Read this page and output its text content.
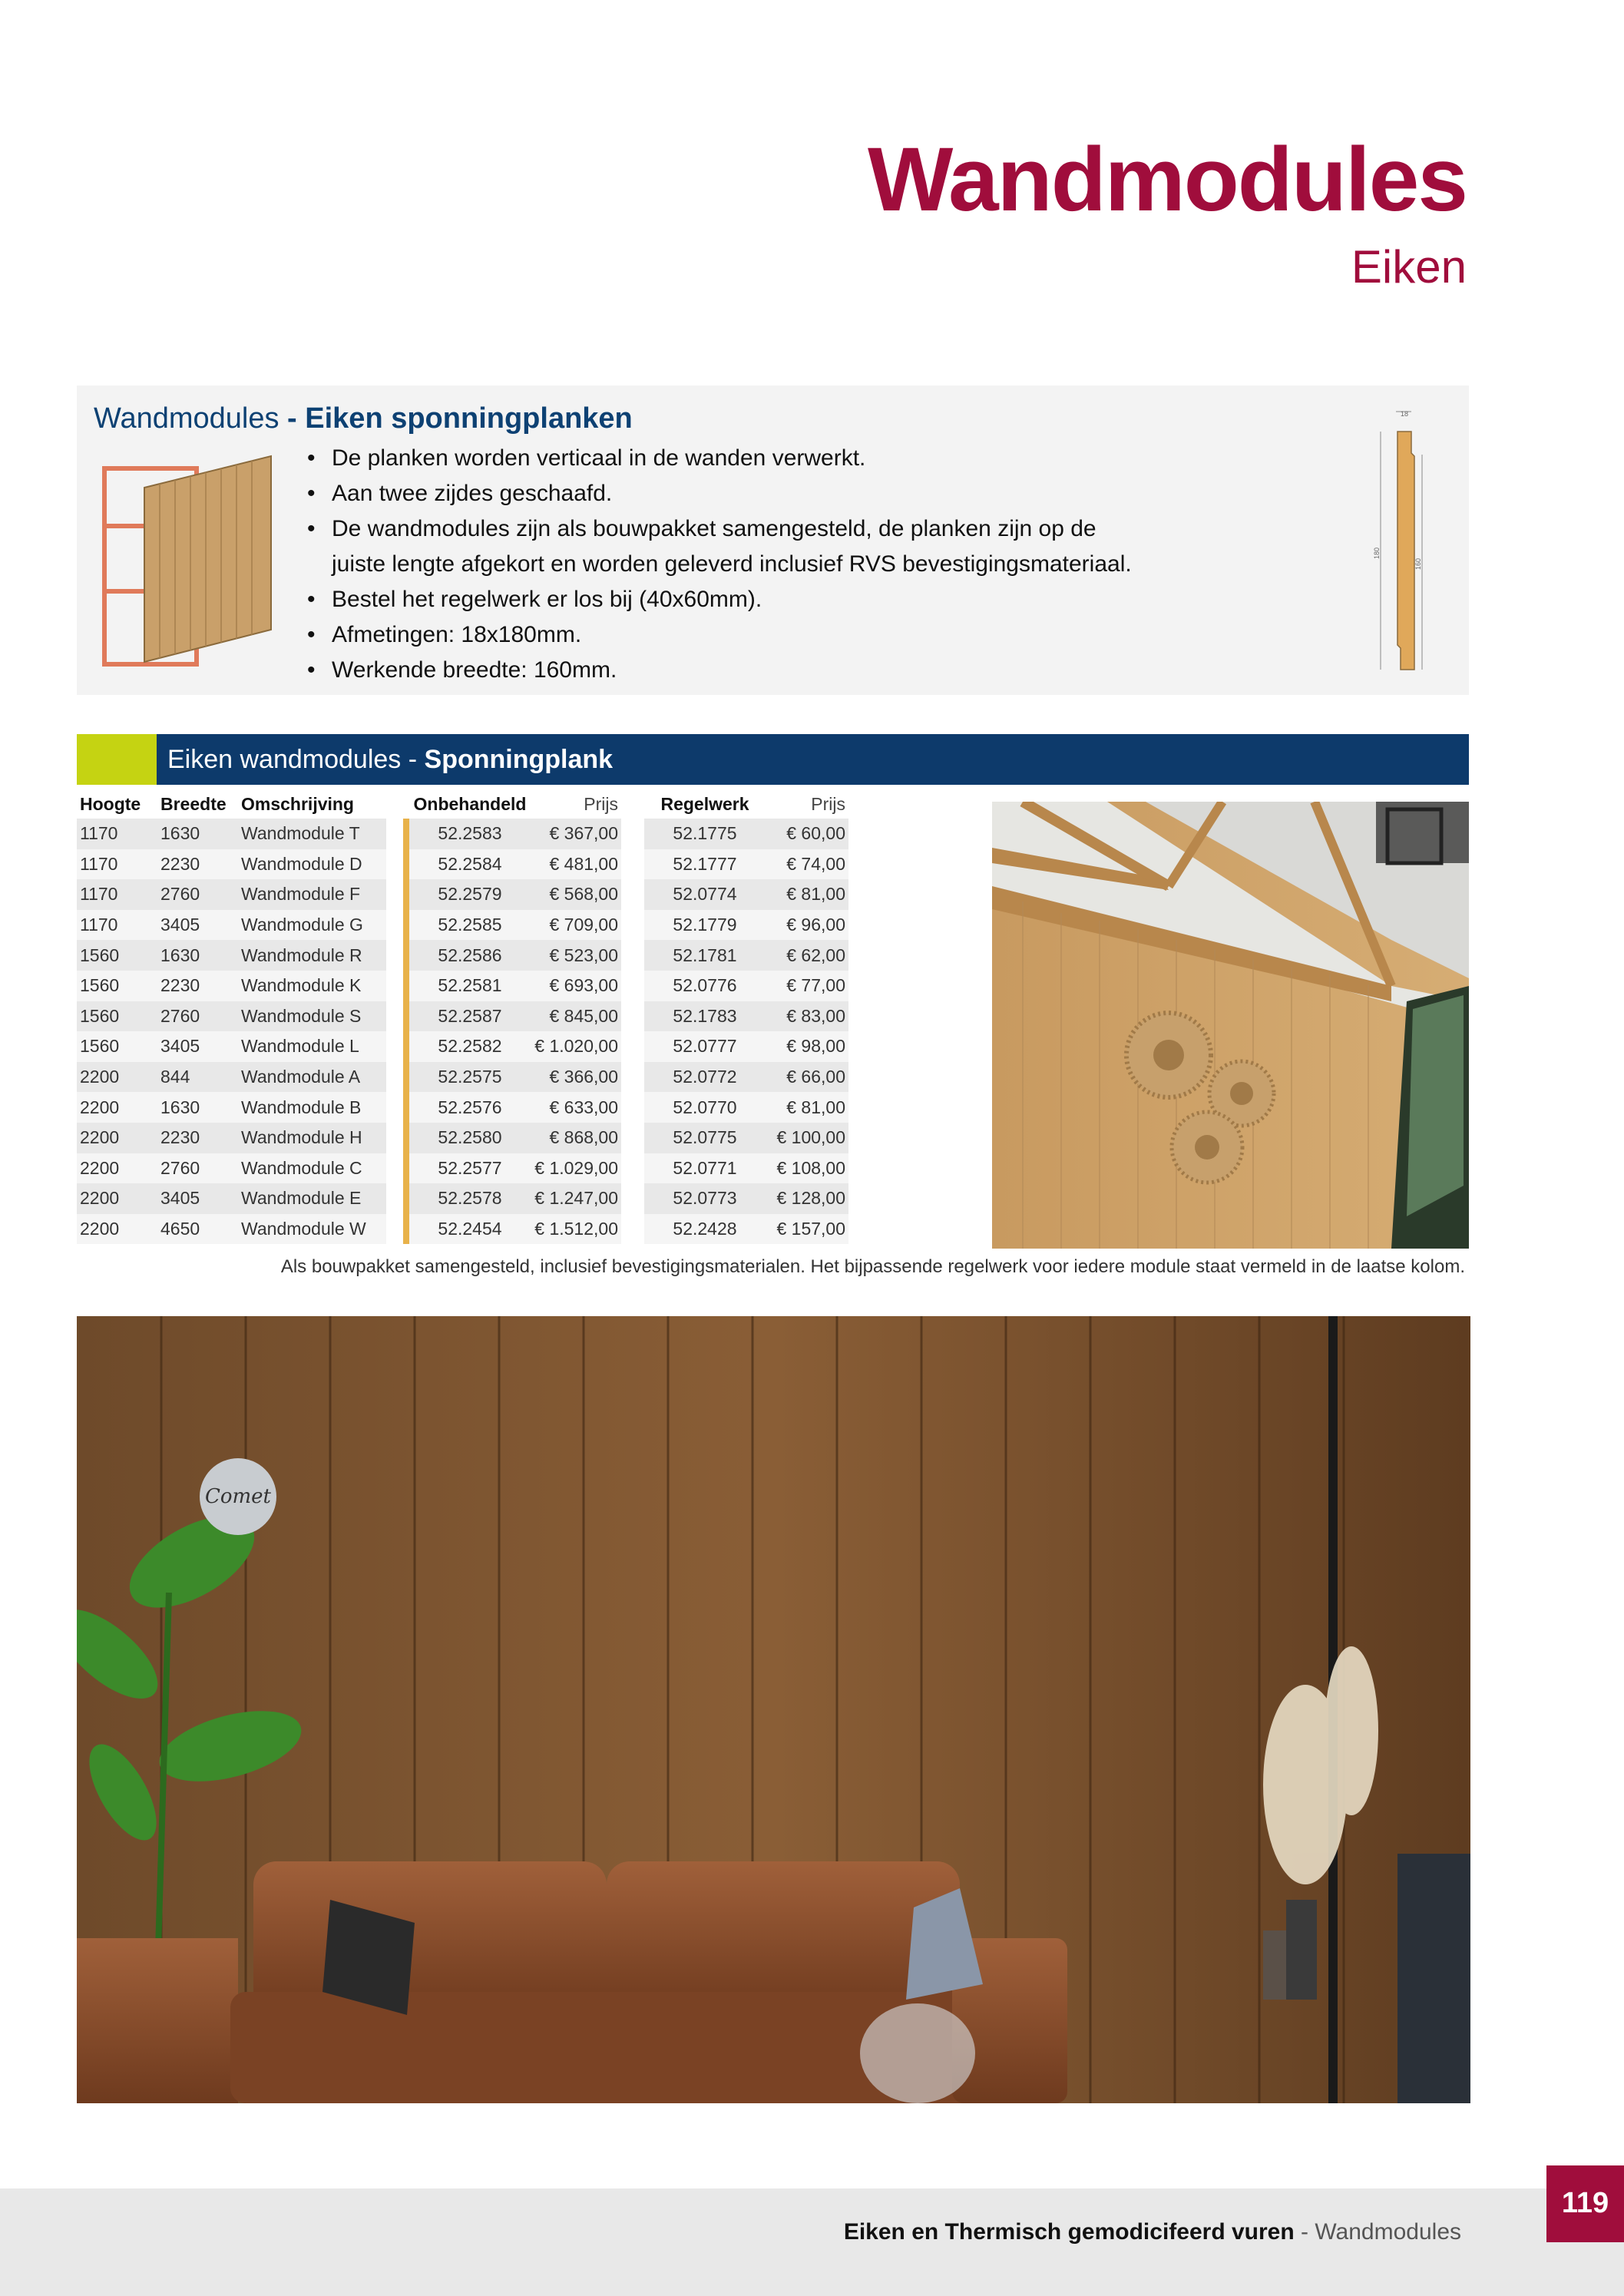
Wandmodules
Eiken
Wandmodules - Eiken sponningplanken
• De planken worden verticaal in de wanden verwerkt.
• Aan twee zijdes geschaafd.
• De wandmodules zijn als bouwpakket samengesteld, de planken zijn op de juiste lengte afgekort en worden geleverd inclusief RVS bevestigingsmateriaal.
• Bestel het regelwerk er los bij (40x60mm).
• Afmetingen: 18x180mm.
• Werkende breedte: 160mm.
18
180
160
Eiken wandmodules - Sponningplank
Hoogte	Breedte	Omschrijving			Onbehandeld	Prijs		Regelwerk	Prijs
1170	1630	Wandmodule T			52.2583	€ 367,00		52.1775	€ 60,00
1170	2230	Wandmodule D			52.2584	€ 481,00		52.1777	€ 74,00
1170	2760	Wandmodule F			52.2579	€ 568,00		52.0774	€ 81,00
1170	3405	Wandmodule G			52.2585	€ 709,00		52.1779	€ 96,00
1560	1630	Wandmodule R			52.2586	€ 523,00		52.1781	€ 62,00
1560	2230	Wandmodule K			52.2581	€ 693,00		52.0776	€ 77,00
1560	2760	Wandmodule S			52.2587	€ 845,00		52.1783	€ 83,00
1560	3405	Wandmodule L			52.2582	€ 1.020,00		52.0777	€ 98,00
2200	844	Wandmodule A			52.2575	€ 366,00		52.0772	€ 66,00
2200	1630	Wandmodule B			52.2576	€ 633,00		52.0770	€ 81,00
2200	2230	Wandmodule H			52.2580	€ 868,00		52.0775	€ 100,00
2200	2760	Wandmodule C			52.2577	€ 1.029,00		52.0771	€ 108,00
2200	3405	Wandmodule E			52.2578	€ 1.247,00		52.0773	€ 128,00
2200	4650	Wandmodule W			52.2454	€ 1.512,00		52.2428	€ 157,00
Als bouwpakket samengesteld, inclusief bevestigingsmaterialen. Het bijpassende regelwerk voor iedere module staat vermeld in de laatse kolom.
Comet
Eiken en Thermisch gemodicifeerd vuren - Wandmodules
119
